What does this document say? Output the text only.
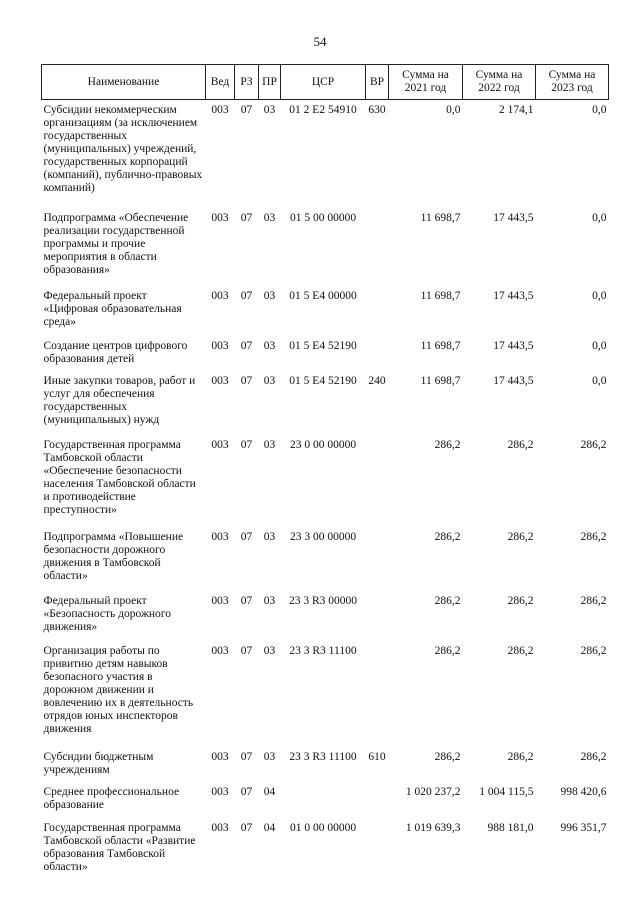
54
Наименование	Вед	РЗ	ПР	ЦСР	ВР	Сумма на 2021 год	Сумма на 2022 год	Сумма на 2023 год
Субсидии некоммерческим организациям (за исключением государственных (муниципальных) учреждений, государственных корпораций (компаний), публично-правовых компаний)	003	07	03	01 2 E2 54910	630	0,0	2 174,1	0,0
Подпрограмма «Обеспечение реализации государственной программы и прочие мероприятия в области образования»	003	07	03	01 5 00 00000		11 698,7	17 443,5	0,0
Федеральный проект «Цифровая образовательная среда»	003	07	03	01 5 E4 00000		11 698,7	17 443,5	0,0
Создание центров цифрового образования детей	003	07	03	01 5 E4 52190		11 698,7	17 443,5	0,0
Иные закупки товаров, работ и услуг для обеспечения государственных (муниципальных) нужд	003	07	03	01 5 E4 52190	240	11 698,7	17 443,5	0,0
Государственная программа Тамбовской области «Обеспечение безопасности населения Тамбовской области и противодействие преступности»	003	07	03	23 0 00 00000		286,2	286,2	286,2
Подпрограмма «Повышение безопасности дорожного движения в Тамбовской области»	003	07	03	23 3 00 00000		286,2	286,2	286,2
Федеральный проект «Безопасность дорожного движения»	003	07	03	23 3 R3 00000		286,2	286,2	286,2
Организация работы по привитию детям навыков безопасного участия в дорожном движении и вовлечению их в деятельность отрядов юных инспекторов движения	003	07	03	23 3 R3 11100		286,2	286,2	286,2
Субсидии бюджетным учреждениям	003	07	03	23 3 R3 11100	610	286,2	286,2	286,2
Среднее профессиональное образование	003	07	04			1 020 237,2	1 004 115,5	998 420,6
Государственная программа Тамбовской области «Развитие образования Тамбовской области»	003	07	04	01 0 00 00000		1 019 639,3	988 181,0	996 351,7
